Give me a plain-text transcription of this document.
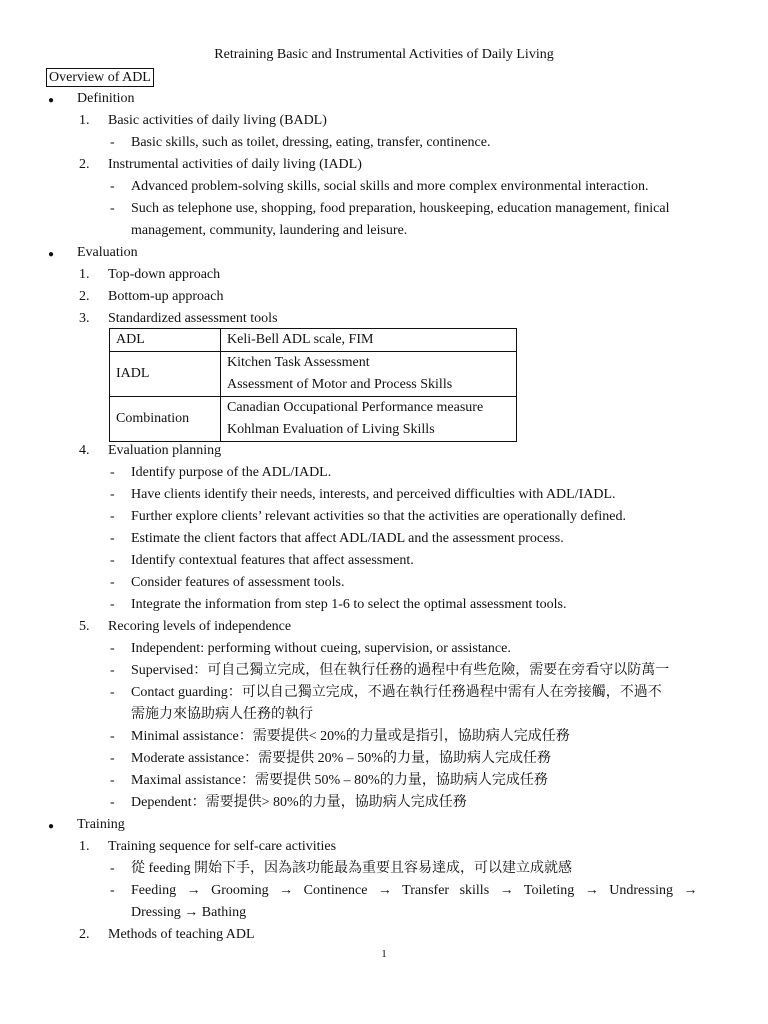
Retraining Basic and Instrumental Activities of Daily Living
Overview of ADL
● Definition
1. Basic activities of daily living (BADL)
- Basic skills, such as toilet, dressing, eating, transfer, continence.
2. Instrumental activities of daily living (IADL)
- Advanced problem-solving skills, social skills and more complex environmental interaction.
- Such as telephone use, shopping, food preparation, houskeeping, education management, finical
management, community, laundering and leisure.
● Evaluation
1. Top-down approach
2. Bottom-up approach
3. Standardized assessment tools
ADL	Keli-Bell ADL scale, FIM

IADL	Kitchen Task Assessment
Assessment of Motor and Process Skills

Combination	Canadian Occupational Performance measure
Kohlman Evaluation of Living Skills
4. Evaluation planning
- Identify purpose of the ADL/IADL.
- Have clients identify their needs, interests, and perceived difficulties with ADL/IADL.
- Further explore clients’ relevant activities so that the activities are operationally defined.
- Estimate the client factors that affect ADL/IADL and the assessment process.
- Identify contextual features that affect assessment.
- Consider features of assessment tools.
- Integrate the information from step 1-6 to select the optimal assessment tools.
5. Recoring levels of independence
- Independent: performing without cueing, supervision, or assistance.
- Supervised：可自己獨立完成，但在執行任務的過程中有些危險，需要在旁看守以防萬一
- Contact guarding：可以自己獨立完成，不過在執行任務過程中需有人在旁接觸，不過不
需施力來協助病人任務的執行
- Minimal assistance：需要提供< 20%的力量或是指引，協助病人完成任務
- Moderate assistance：需要提供 20% – 50%的力量，協助病人完成任務
- Maximal assistance：需要提供 50% – 80%的力量，協助病人完成任務
- Dependent：需要提供> 80%的力量，協助病人完成任務
● Training
1. Training sequence for self-care activities
- 從 feeding 開始下手，因為該功能最為重要且容易達成，可以建立成就感
- Feeding → Grooming → Continence → Transfer skills → Toileting → Undressing →
Dressing → Bathing
2. Methods of teaching ADL
1
